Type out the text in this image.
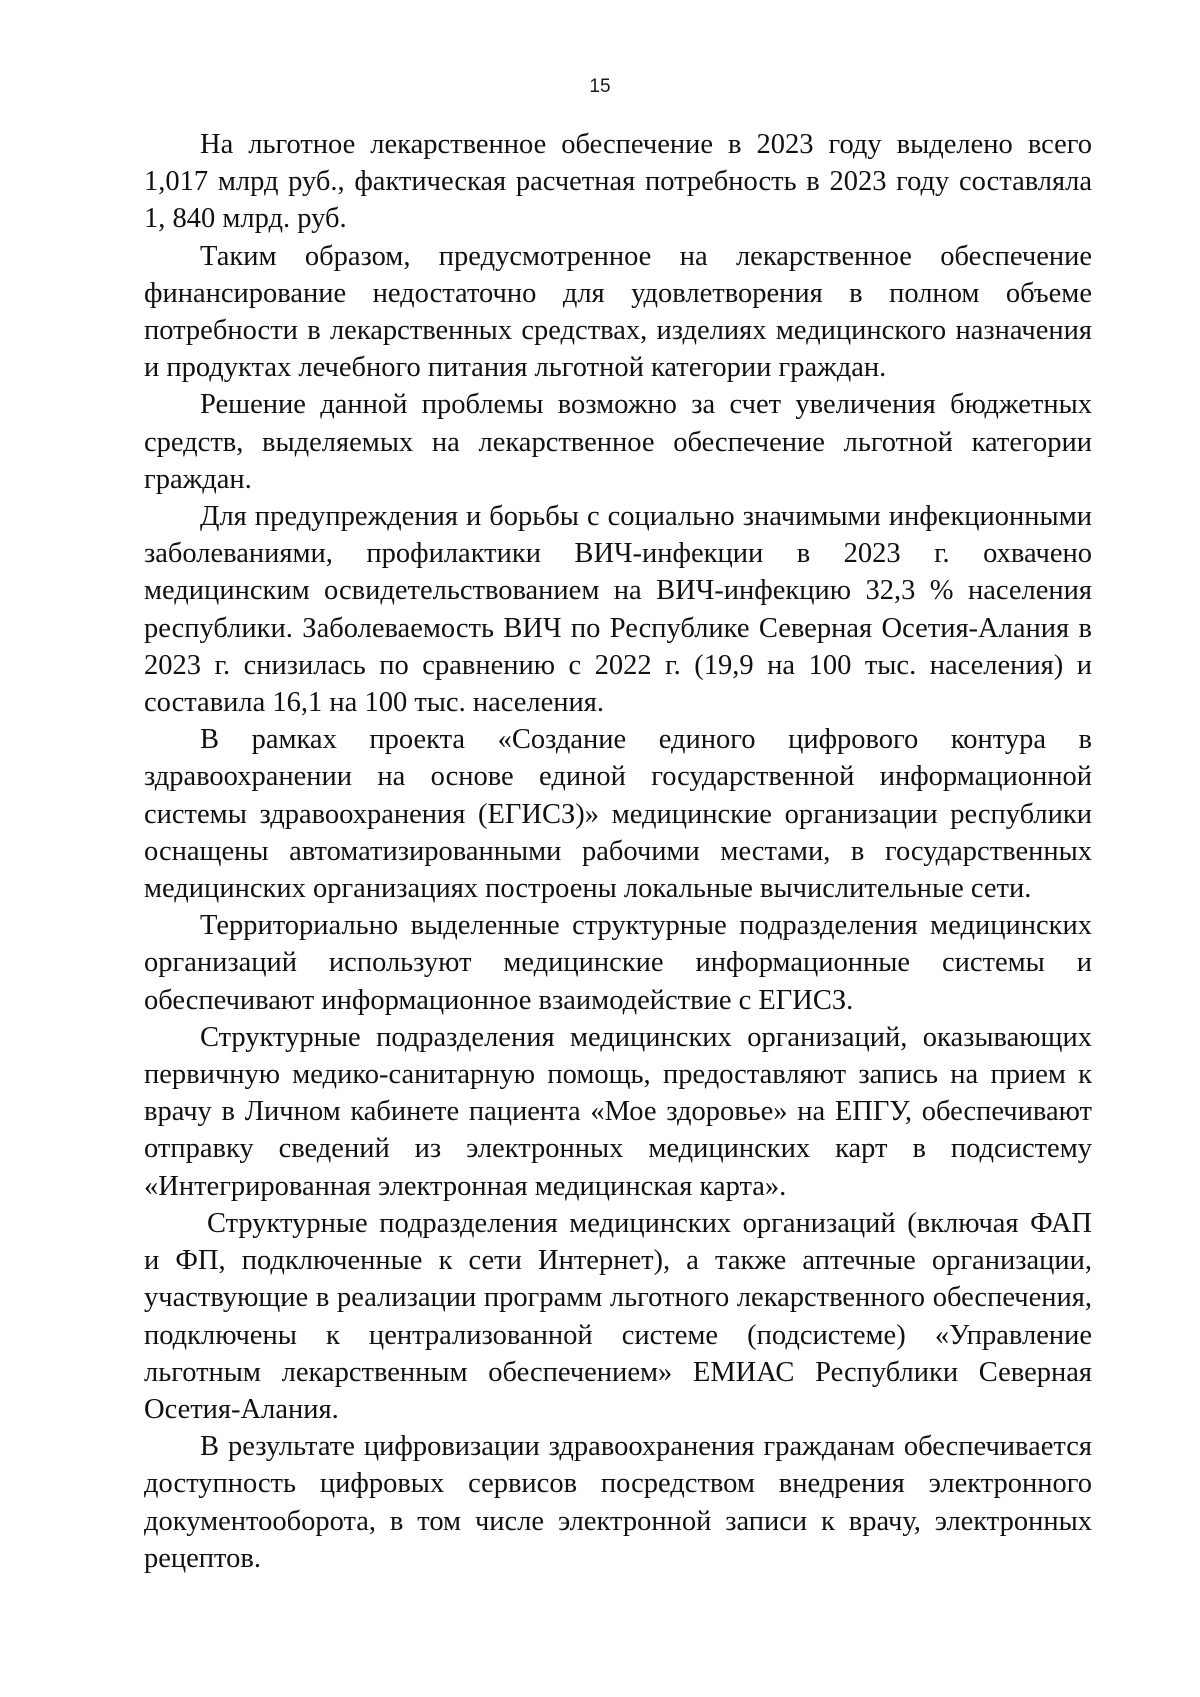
15

На льготное лекарственное обеспечение в 2023 году выделено всего 1,017 млрд руб., фактическая расчетная потребность в 2023 году составляла 1, 840 млрд. руб.

Таким образом, предусмотренное на лекарственное обеспечение финансирование недостаточно для удовлетворения в полном объеме потребности в лекарственных средствах, изделиях медицинского назначения и продуктах лечебного питания льготной категории граждан.

Решение данной проблемы возможно за счет увеличения бюджетных средств, выделяемых на лекарственное обеспечение льготной категории граждан.

Для предупреждения и борьбы с социально значимыми инфекционными заболеваниями, профилактики ВИЧ-инфекции в 2023 г. охвачено медицинским освидетельствованием на ВИЧ-инфекцию 32,3 % населения республики. Заболеваемость ВИЧ по Республике Северная Осетия-Алания в 2023 г. снизилась по сравнению с 2022 г. (19,9 на 100 тыс. населения) и составила 16,1 на 100 тыс. населения.

В рамках проекта «Создание единого цифрового контура в здравоохранении на основе единой государственной информационной системы здравоохранения (ЕГИСЗ)» медицинские организации республики оснащены автоматизированными рабочими местами, в государственных медицинских организациях построены локальные вычислительные сети.

Территориально выделенные структурные подразделения медицинских организаций используют медицинские информационные системы и обеспечивают информационное взаимодействие с ЕГИСЗ.

Структурные подразделения медицинских организаций, оказывающих первичную медико-санитарную помощь, предоставляют запись на прием к врачу в Личном кабинете пациента «Мое здоровье» на ЕПГУ, обеспечивают отправку сведений из электронных медицинских карт в подсистему «Интегрированная электронная медицинская карта».

Структурные подразделения медицинских организаций (включая ФАП и ФП, подключенные к сети Интернет), а также аптечные организации, участвующие в реализации программ льготного лекарственного обеспечения, подключены к централизованной системе (подсистеме) «Управление льготным лекарственным обеспечением» ЕМИАС Республики Северная Осетия-Алания.

В результате цифровизации здравоохранения гражданам обеспечивается доступность цифровых сервисов посредством внедрения электронного документооборота, в том числе электронной записи к врачу, электронных рецептов.
